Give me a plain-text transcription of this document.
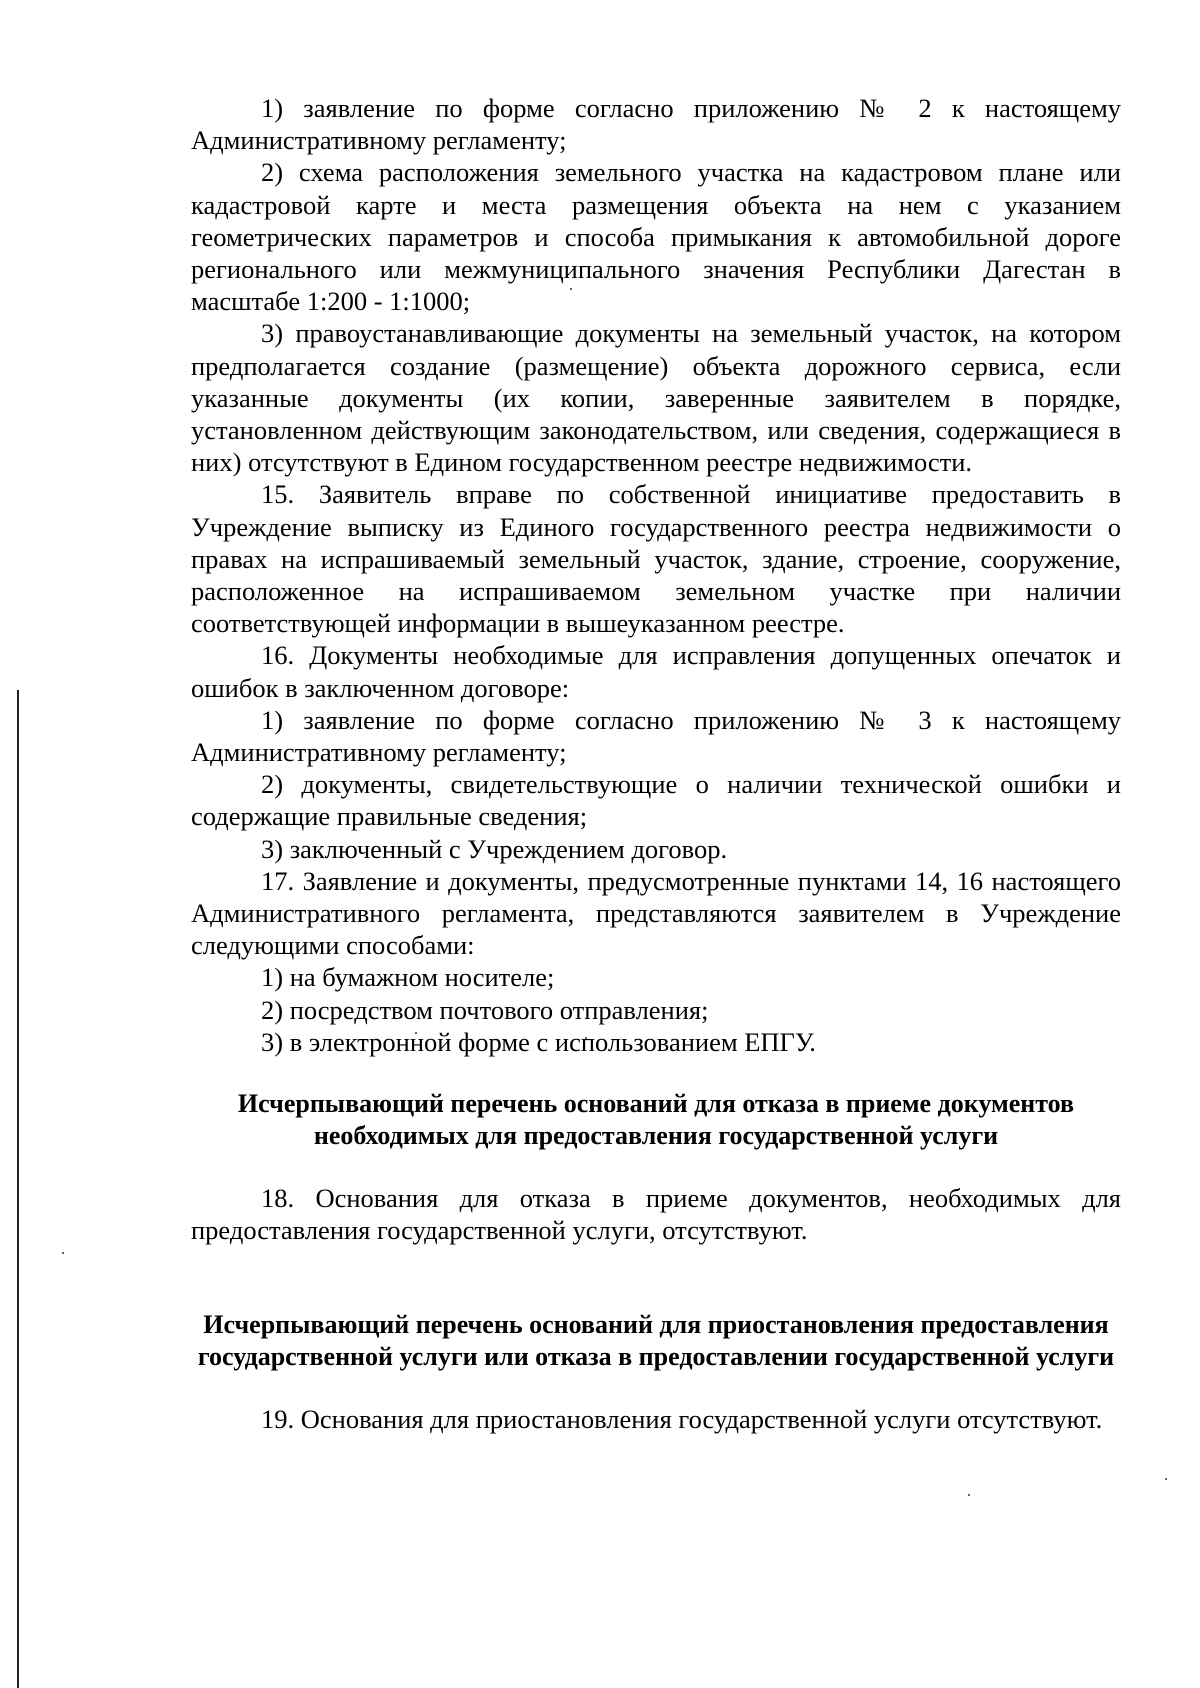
1) заявление по форме согласно приложению № 2 к настоящему Административному регламенту;

2) схема расположения земельного участка на кадастровом плане или кадастровой карте и места размещения объекта на нем с указанием геометрических параметров и способа примыкания к автомобильной дороге регионального или межмуниципального значения Республики Дагестан в масштабе 1:200 - 1:1000;

3) правоустанавливающие документы на земельный участок, на котором предполагается создание (размещение) объекта дорожного сервиса, если указанные документы (их копии, заверенные заявителем в порядке, установленном действующим законодательством, или сведения, содержащиеся в них) отсутствуют в Едином государственном реестре недвижимости.

15. Заявитель вправе по собственной инициативе предоставить в Учреждение выписку из Единого государственного реестра недвижимости о правах на испрашиваемый земельный участок, здание, строение, сооружение, расположенное на испрашиваемом земельном участке при наличии соответствующей информации в вышеуказанном реестре.

16. Документы необходимые для исправления допущенных опечаток и ошибок в заключенном договоре:

1) заявление по форме согласно приложению № 3 к настоящему Административному регламенту;

2) документы, свидетельствующие о наличии технической ошибки и содержащие правильные сведения;

3) заключенный с Учреждением договор.

17. Заявление и документы, предусмотренные пунктами 14, 16 настоящего Административного регламента, представляются заявителем в Учреждение следующими способами:

1) на бумажном носителе;

2) посредством почтового отправления;

3) в электронной форме с использованием ЕПГУ.

Исчерпывающий перечень оснований для отказа в приеме документов необходимых для предоставления государственной услуги

18. Основания для отказа в приеме документов, необходимых для предоставления государственной услуги, отсутствуют.

Исчерпывающий перечень оснований для приостановления предоставления государственной услуги или отказа в предоставлении государственной услуги

19. Основания для приостановления государственной услуги отсутствуют.
